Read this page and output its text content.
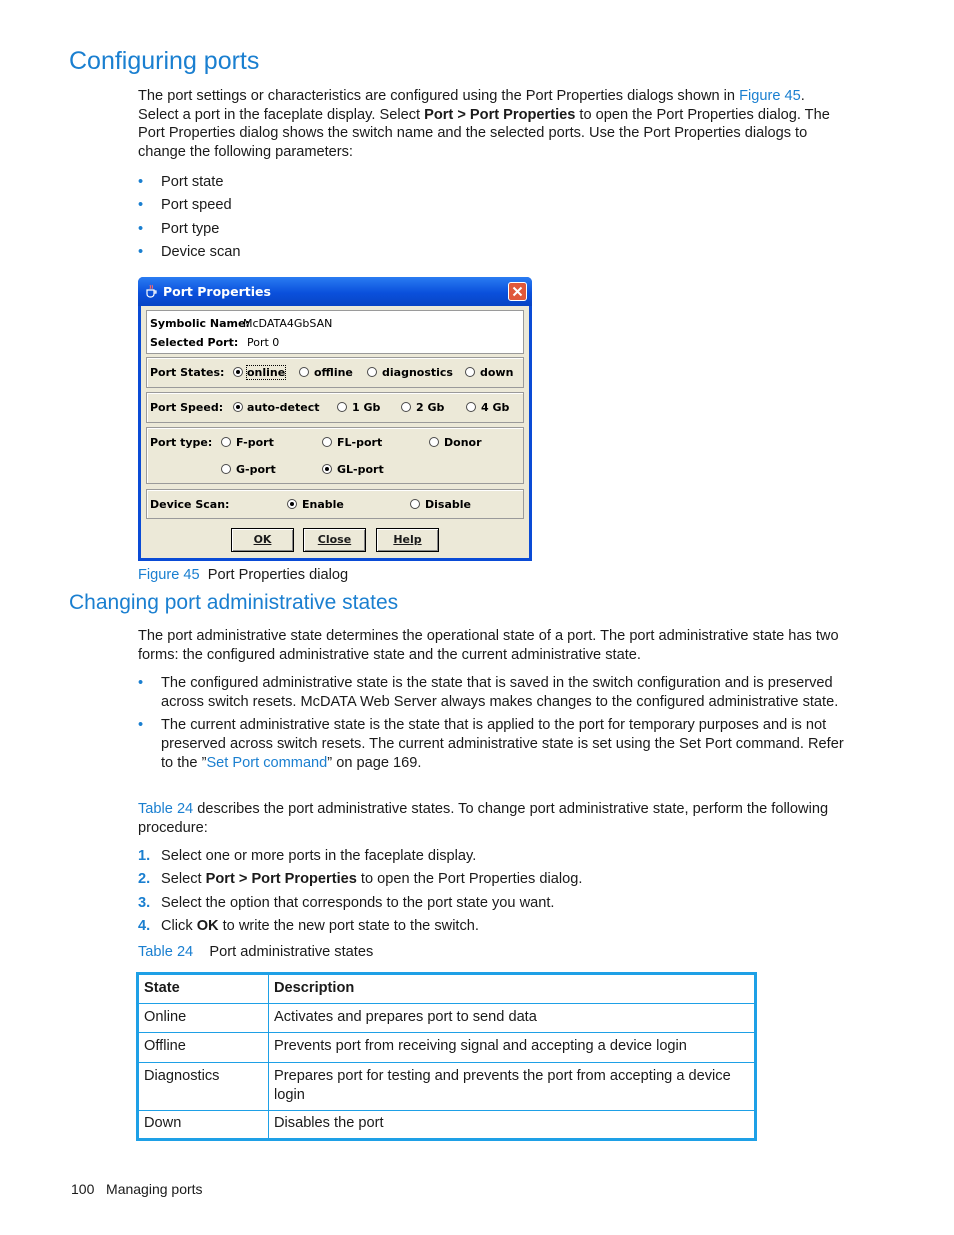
Configuring ports
The port settings or characteristics are configured using the Port Properties dialogs shown in Figure 45. Select a port in the faceplate display. Select Port > Port Properties to open the Port Properties dialog. The Port Properties dialog shows the switch name and the selected ports. Use the Port Properties dialogs to change the following parameters:
• Port state
• Port speed
• Port type
• Device scan
Port Properties
Symbolic Name:
McDATA4GbSAN
Selected Port: Port 0
Port States: online	offline	diagnostics down
Port Speed: auto-detect	1 Gb	2 Gb	4 Gb
Port type: F-port	FL-port	Donor
G-port	GL-port
Device Scan:	Enable	Disable
OK	Close	Help
Figure 45 Port Properties dialog
Changing port administrative states
The port administrative state determines the operational state of a port. The port administrative state has two forms: the configured administrative state and the current administrative state.
• The configured administrative state is the state that is saved in the switch configuration and is preserved across switch resets. McDATA Web Server always makes changes to the configured administrative state.
• The current administrative state is the state that is applied to the port for temporary purposes and is not preserved across switch resets. The current administrative state is set using the Set Port command. Refer to the ”Set Port command” on page 169.
Table 24 describes the port administrative states. To change port administrative state, perform the following procedure:
1. Select one or more ports in the faceplate display.
2. Select Port > Port Properties to open the Port Properties dialog.
3. Select the option that corresponds to the port state you want.
4. Click OK to write the new port state to the switch.
Table 24 Port administrative states
State	Description
Online	Activates and prepares port to send data
Offline	Prevents port from receiving signal and accepting a device login
Diagnostics	Prepares port for testing and prevents the port from accepting a device login
Down	Disables the port
100 Managing ports
